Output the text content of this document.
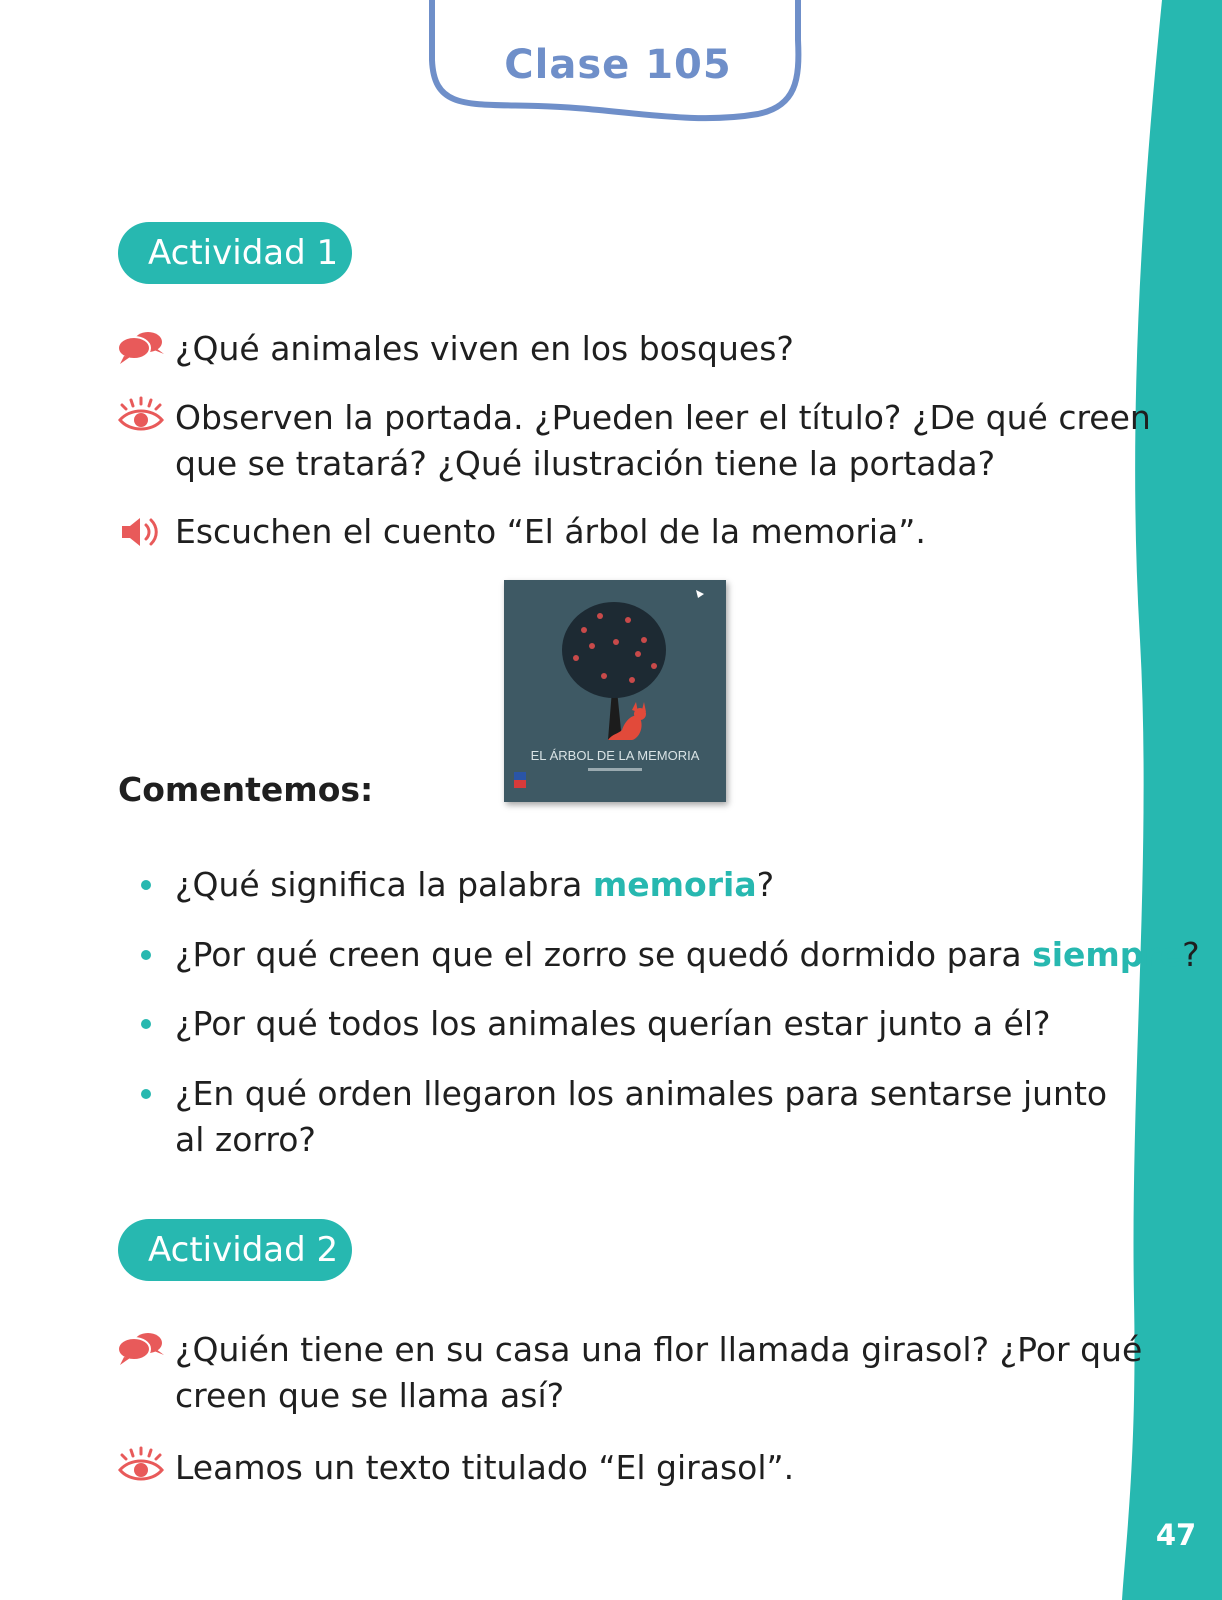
47
Clase 105
Actividad 1

¿Qué animales viven en los bosques?

Observen la portada. ¿Pueden leer el título? ¿De qué creen

que se tratará? ¿Qué ilustración tiene la portada?

Escuchen el cuento “El árbol de la memoria”.

EL ÁRBOL DE LA MEMORIA

Comentemos:

¿Qué significa la palabra memoria?

¿Por qué creen que el zorro se quedó dormido para siempre?

¿Por qué todos los animales querían estar junto a él?

¿En qué orden llegaron los animales para sentarse junto

al zorro?

Actividad 2

¿Quién tiene en su casa una flor llamada girasol? ¿Por qué

creen que se llama así?

Leamos un texto titulado “El girasol”.
